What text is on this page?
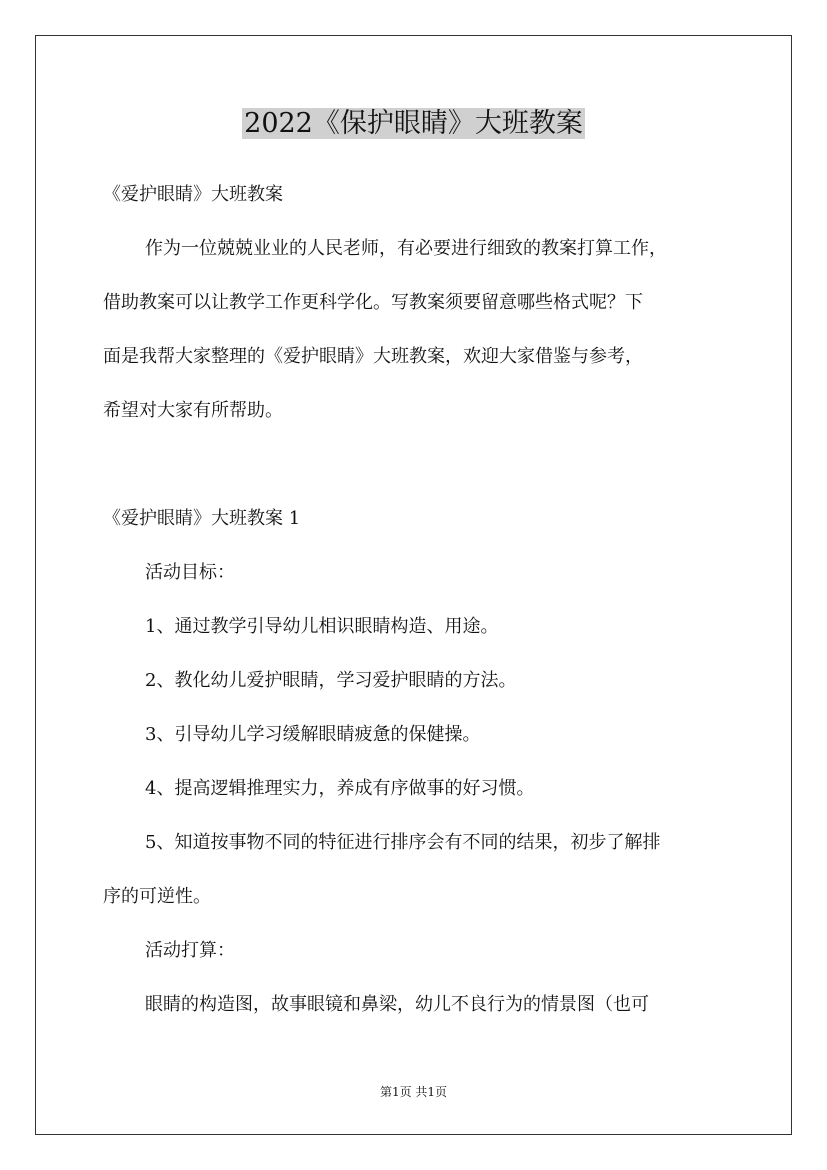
2022《保护眼睛》大班教案
《爱护眼睛》大班教案
作为一位兢兢业业的人民老师，有必要进行细致的教案打算工作，
借助教案可以让教学工作更科学化。写教案须要留意哪些格式呢？下
面是我帮大家整理的《爱护眼睛》大班教案，欢迎大家借鉴与参考，
希望对大家有所帮助。
《爱护眼睛》大班教案 1
活动目标：
1、通过教学引导幼儿相识眼睛构造、用途。
2、教化幼儿爱护眼睛，学习爱护眼睛的方法。
3、引导幼儿学习缓解眼睛疲惫的保健操。
4、提高逻辑推理实力，养成有序做事的好习惯。
5、知道按事物不同的特征进行排序会有不同的结果，初步了解排
序的可逆性。
活动打算：
眼睛的构造图，故事眼镜和鼻梁，幼儿不良行为的情景图（也可
第1页 共1页
